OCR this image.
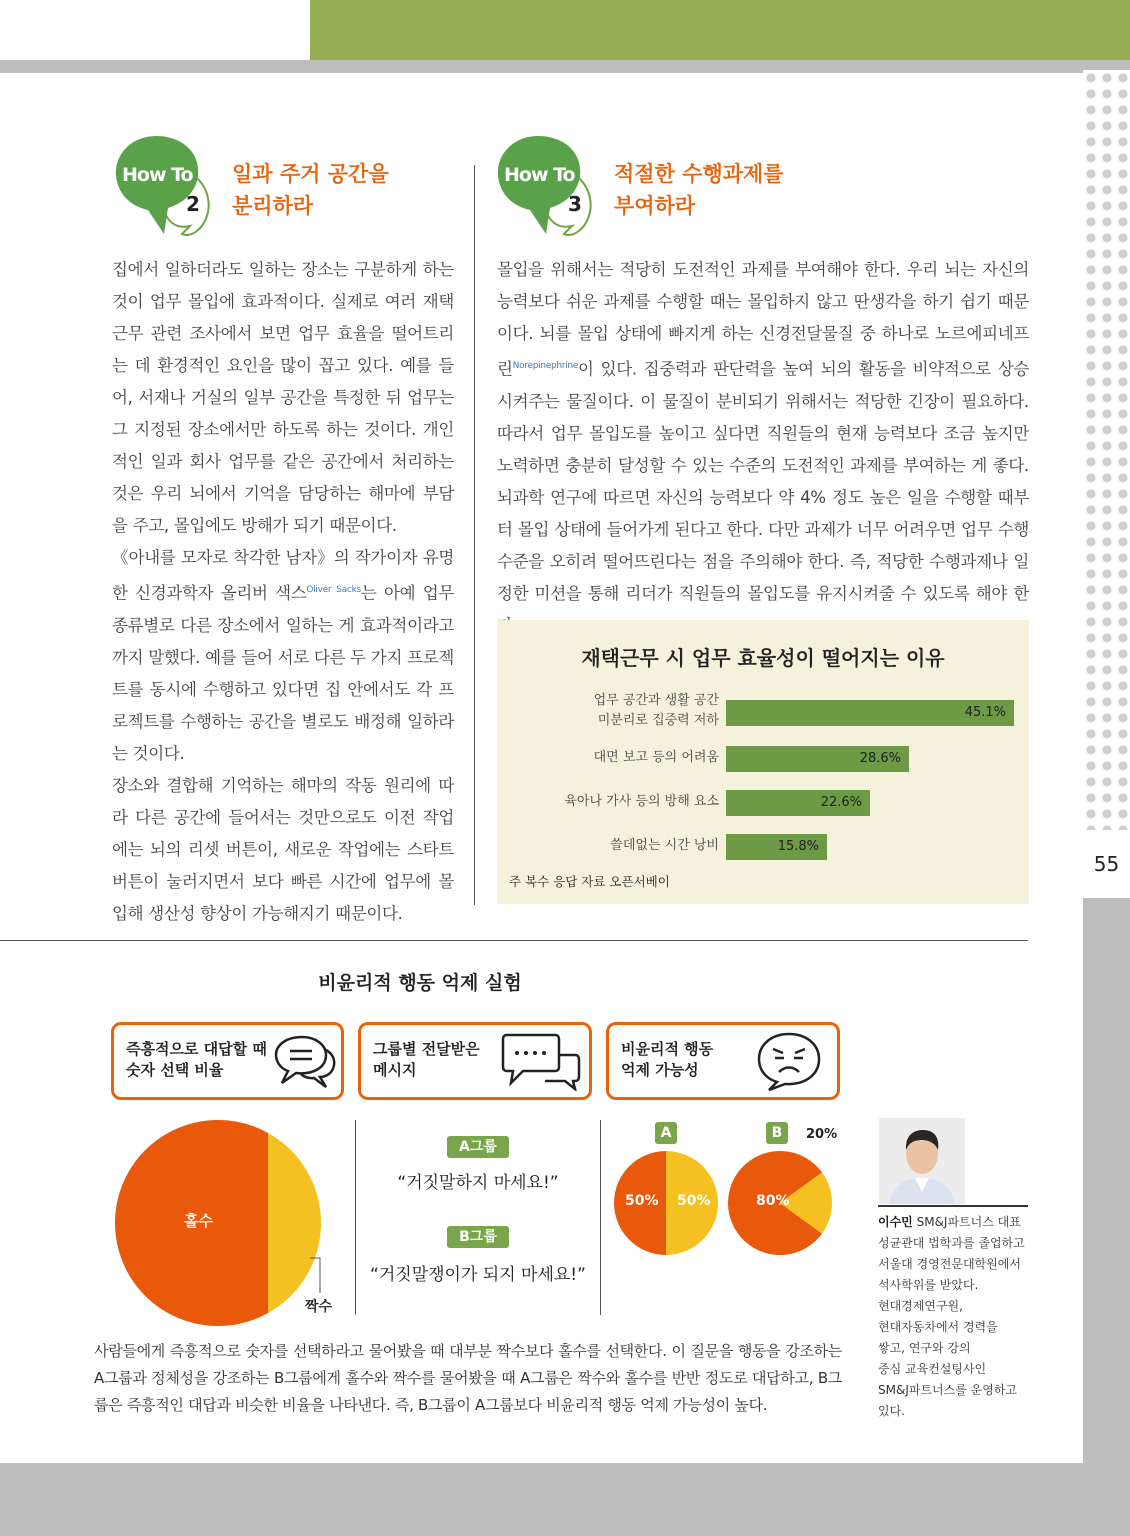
55
How To
2
일과 주거 공간을
분리하라
집에서 일하더라도 일하는 장소는 구분하게 하는 것이 업무 몰입에 효과적이다. 실제로 여러 재택근무 관련 조사에서 보면 업무 효율을 떨어트리는 데 환경적인 요인을 많이 꼽고 있다. 예를 들어, 서재나 거실의 일부 공간을 특정한 뒤 업무는 그 지정된 장소에서만 하도록 하는 것이다. 개인적인 일과 회사 업무를 같은 공간에서 처리하는 것은 우리 뇌에서 기억을 담당하는 해마에 부담을 주고, 몰입에도 방해가 되기 때문이다.
《아내를 모자로 착각한 남자》의 작가이자 유명한 신경과학자 올리버 색스$^{Oliver Sacks}$는 아예 업무 종류별로 다른 장소에서 일하는 게 효과적이라고까지 말했다. 예를 들어 서로 다른 두 가지 프로젝트를 동시에 수행하고 있다면 집 안에서도 각 프로젝트를 수행하는 공간을 별로도 배정해 일하라는 것이다.
장소와 결합해 기억하는 해마의 작동 원리에 따라 다른 공간에 들어서는 것만으로도 이전 작업에는 뇌의 리셋 버튼이, 새로운 작업에는 스타트 버튼이 눌러지면서 보다 빠른 시간에 업무에 몰입해 생산성 향상이 가능해지기 때문이다.
How To
3
적절한 수행과제를
부여하라
몰입을 위해서는 적당히 도전적인 과제를 부여해야 한다. 우리 뇌는 자신의 능력보다 쉬운 과제를 수행할 때는 몰입하지 않고 딴생각을 하기 쉽기 때문이다. 뇌를 몰입 상태에 빠지게 하는 신경전달물질 중 하나로 노르에피네프린$^{Norepinephrine}$이 있다. 집중력과 판단력을 높여 뇌의 활동을 비약적으로 상승시켜주는 물질이다. 이 물질이 분비되기 위해서는 적당한 긴장이 필요하다. 따라서 업무 몰입도를 높이고 싶다면 직원들의 현재 능력보다 조금 높지만 노력하면 충분히 달성할 수 있는 수준의 도전적인 과제를 부여하는 게 좋다. 뇌과학 연구에 따르면 자신의 능력보다 약 4% 정도 높은 일을 수행할 때부터 몰입 상태에 들어가게 된다고 한다. 다만 과제가 너무 어려우면 업무 수행 수준을 오히려 떨어뜨린다는 점을 주의해야 한다. 즉, 적당한 수행과제나 일정한 미션을 통해 리더가 직원들의 몰입도를 유지시켜줄 수 있도록 해야 한
재택근무 시 업무 효율성이 떨어지는 이유
업무 공간과 생활 공간
미분리로 집중력 저하
45.1%
대면 보고 등의 어려움	28.6%
육아나 가사 등의 방해 요소	22.6%
쓸데없는 시간 낭비	15.8%
주 복수 응답 자료 오픈서베이
비윤리적 행동 억제 실험
즉흥적으로 대답할 때
숫자 선택 비율
그룹별 전달받은
메시지
비윤리적 행동
억제 가능성
홀수
짝수
A그룹
“거짓말하지 마세요!”
B그룹
“거짓말쟁이가 되지 마세요!”
A	B
50% 50%	80%
20%
사람들에게 즉흥적으로 숫자를 선택하라고 물어봤을 때 대부분 짝수보다 홀수를 선택한다. 이 질문을 행동을 강조하는 A그룹과 정체성을 강조하는 B그룹에게 홀수와 짝수를 물어봤을 때 A그룹은 짝수와 홀수를 반반 정도로 대답하고, B그룹은 즉흥적인 대답과 비슷한 비율을 나타낸다. 즉, B그룹이 A그룹보다 비윤리적 행동 억제 가능성이 높다.
이수민 SM&J파트너스 대표
성균관대 법학과를 졸업하고
서울대 경영전문대학원에서
석사학위를 받았다.
현대경제연구원,
현대자동차에서 경력을
쌓고, 연구와 강의
중심 교육컨설팅사인
SM&J파트너스를 운영하고
있다.
